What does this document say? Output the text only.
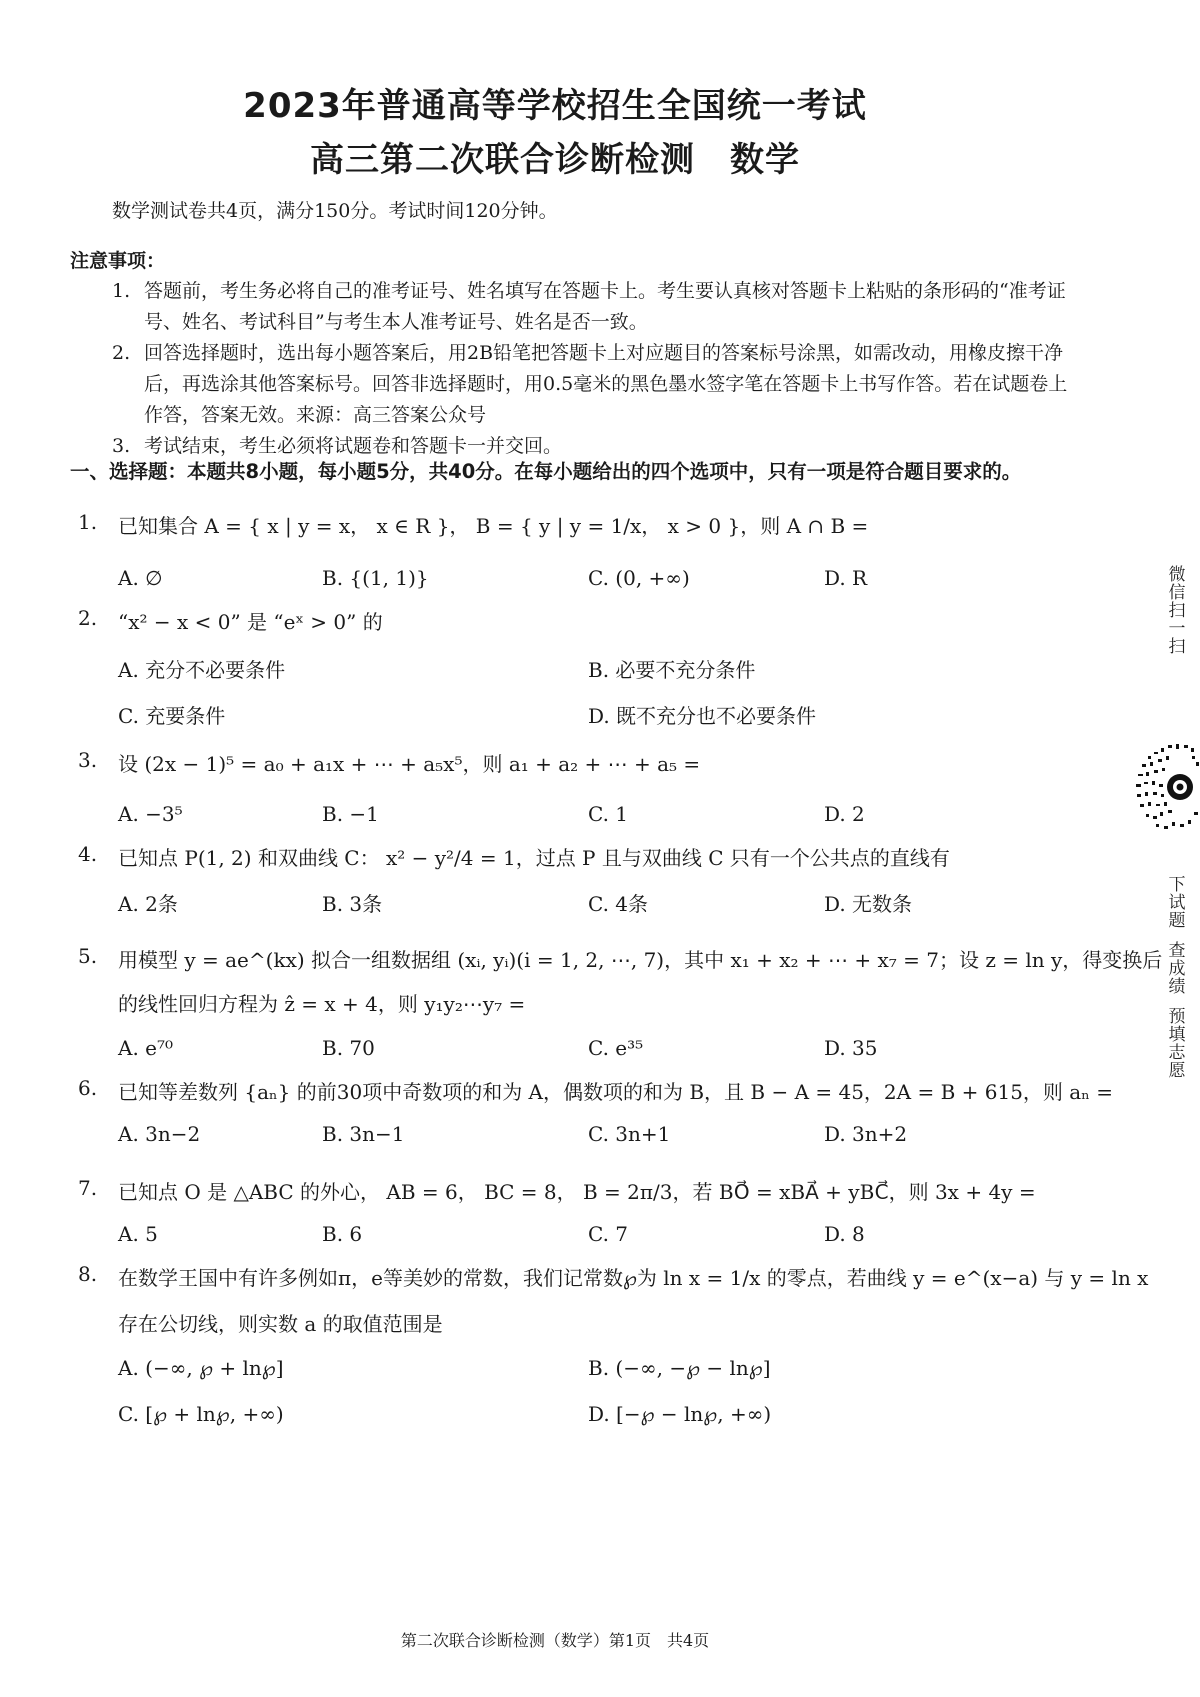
2023年普通高等学校招生全国统一考试
高三第二次联合诊断检测　数学
数学测试卷共4页，满分150分。考试时间120分钟。
注意事项：
1. 答题前，考生务必将自己的准考证号、姓名填写在答题卡上。考生要认真核对答题卡上粘贴的条形码的“准考证号、姓名、考试科目”与考生本人准考证号、姓名是否一致。
2. 回答选择题时，选出每小题答案后，用2B铅笔把答题卡上对应题目的答案标号涂黑，如需改动，用橡皮擦干净后，再选涂其他答案标号。回答非选择题时，用0.5毫米的黑色墨水签字笔在答题卡上书写作答。若在试题卷上作答，答案无效。来源：高三答案公众号
3. 考试结束，考生必须将试题卷和答题卡一并交回。
一、选择题：本题共8小题，每小题5分，共40分。在每小题给出的四个选项中，只有一项是符合题目要求的。
1. 已知集合 A = { x | y = x， x ∈ R }， B = { y | y = 1/x， x > 0 }，则 A ∩ B =
A. ∅	B. {(1, 1)}	C. (0, +∞)	D. R
2. “x² − x < 0” 是 “eˣ > 0” 的
A. 充分不必要条件	B. 必要不充分条件
C. 充要条件	D. 既不充分也不必要条件
3. 设 (2x − 1)⁵ = a₀ + a₁x + ⋯ + a₅x⁵，则 a₁ + a₂ + ⋯ + a₅ =
A. −3⁵	B. −1	C. 1	D. 2
4. 已知点 P(1, 2) 和双曲线 C： x² − y²/4 = 1，过点 P 且与双曲线 C 只有一个公共点的直线有
A. 2条	B. 3条	C. 4条	D. 无数条
5. 用模型 y = ae^(kx) 拟合一组数据组 (xᵢ, yᵢ)(i = 1, 2, ⋯, 7)，其中 x₁ + x₂ + ⋯ + x₇ = 7；设 z = ln y，得变换后
的线性回归方程为 ẑ = x + 4，则 y₁y₂⋯y₇ =
A. e⁷⁰	B. 70	C. e³⁵	D. 35
6. 已知等差数列 {aₙ} 的前30项中奇数项的和为 A，偶数项的和为 B，且 B − A = 45，2A = B + 615，则 aₙ =
A. 3n−2	B. 3n−1	C. 3n+1	D. 3n+2
7. 已知点 O 是 △ABC 的外心， AB = 6， BC = 8， B = 2π/3，若 BO⃗ = xBA⃗ + yBC⃗，则 3x + 4y =
A. 5	B. 6	C. 7	D. 8
8. 在数学王国中有许多例如π，e等美妙的常数，我们记常数℘为 ln x = 1/x 的零点，若曲线 y = e^(x−a) 与 y = ln x
存在公切线，则实数 a 的取值范围是
A. (−∞, ℘ + ln℘]	B. (−∞, −℘ − ln℘]
C. [℘ + ln℘, +∞)	D. [−℘ − ln℘, +∞)
第二次联合诊断检测（数学）第1页　共4页
微信扫一扫
下试题
查成绩
预填志愿
